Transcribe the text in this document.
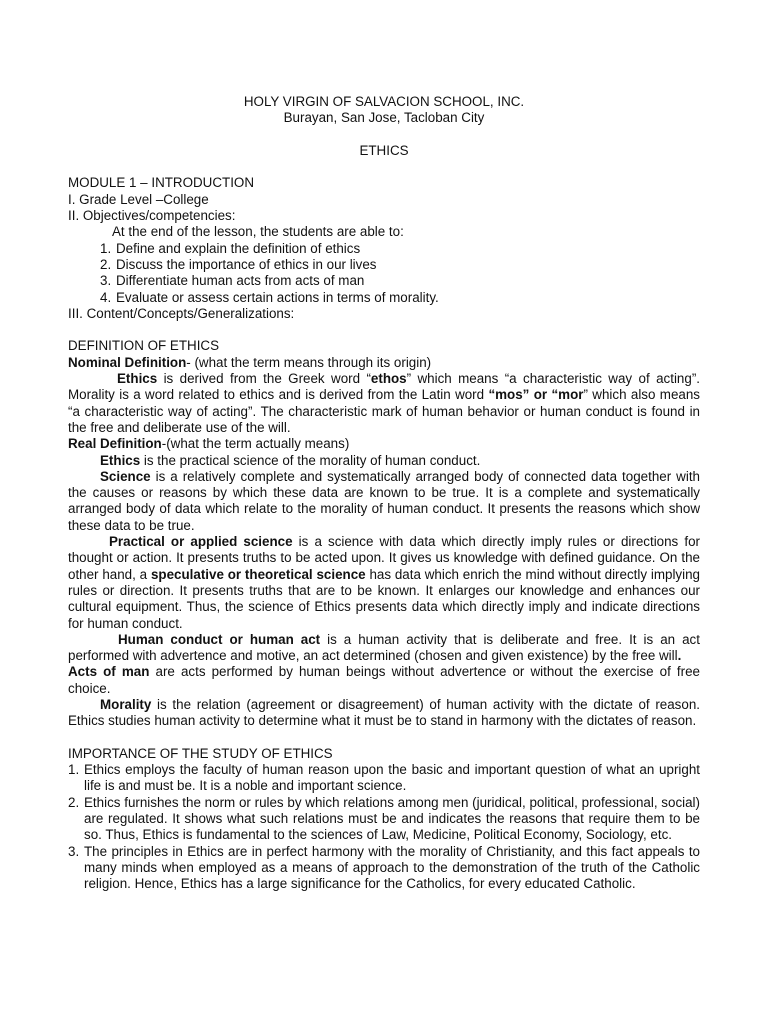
HOLY VIRGIN OF SALVACION SCHOOL, INC.
Burayan, San Jose, Tacloban City
ETHICS
MODULE 1 – INTRODUCTION
I. Grade Level –College
II. Objectives/competencies:
At the end of the lesson, the students are able to:
1. Define and explain the definition of ethics
2. Discuss the importance of ethics in our lives
3. Differentiate human acts from acts of man
4. Evaluate or assess certain actions in terms of morality.
III. Content/Concepts/Generalizations:
DEFINITION OF ETHICS
Nominal Definition- (what the term means through its origin)
Ethics is derived from the Greek word “ethos” which means “a characteristic way of acting”. Morality is a word related to ethics and is derived from the Latin word “mos” or “mor” which also means “a characteristic way of acting”. The characteristic mark of human behavior or human conduct is found in the free and deliberate use of the will.
Real Definition-(what the term actually means)
Ethics is the practical science of the morality of human conduct.
Science is a relatively complete and systematically arranged body of connected data together with the causes or reasons by which these data are known to be true. It is a complete and systematically arranged body of data which relate to the morality of human conduct. It presents the reasons which show these data to be true.
Practical or applied science is a science with data which directly imply rules or directions for thought or action. It presents truths to be acted upon. It gives us knowledge with defined guidance. On the other hand, a speculative or theoretical science has data which enrich the mind without directly implying rules or direction. It presents truths that are to be known. It enlarges our knowledge and enhances our cultural equipment. Thus, the science of Ethics presents data which directly imply and indicate directions for human conduct.
Human conduct or human act is a human activity that is deliberate and free. It is an act performed with advertence and motive, an act determined (chosen and given existence) by the free will.
Acts of man are acts performed by human beings without advertence or without the exercise of free choice.
Morality is the relation (agreement or disagreement) of human activity with the dictate of reason. Ethics studies human activity to determine what it must be to stand in harmony with the dictates of reason.
IMPORTANCE OF THE STUDY OF ETHICS
1. Ethics employs the faculty of human reason upon the basic and important question of what an upright life is and must be. It is a noble and important science.
2. Ethics furnishes the norm or rules by which relations among men (juridical, political, professional, social) are regulated. It shows what such relations must be and indicates the reasons that require them to be so. Thus, Ethics is fundamental to the sciences of Law, Medicine, Political Economy, Sociology, etc.
3. The principles in Ethics are in perfect harmony with the morality of Christianity, and this fact appeals to many minds when employed as a means of approach to the demonstration of the truth of the Catholic religion. Hence, Ethics has a large significance for the Catholics, for every educated Catholic.
